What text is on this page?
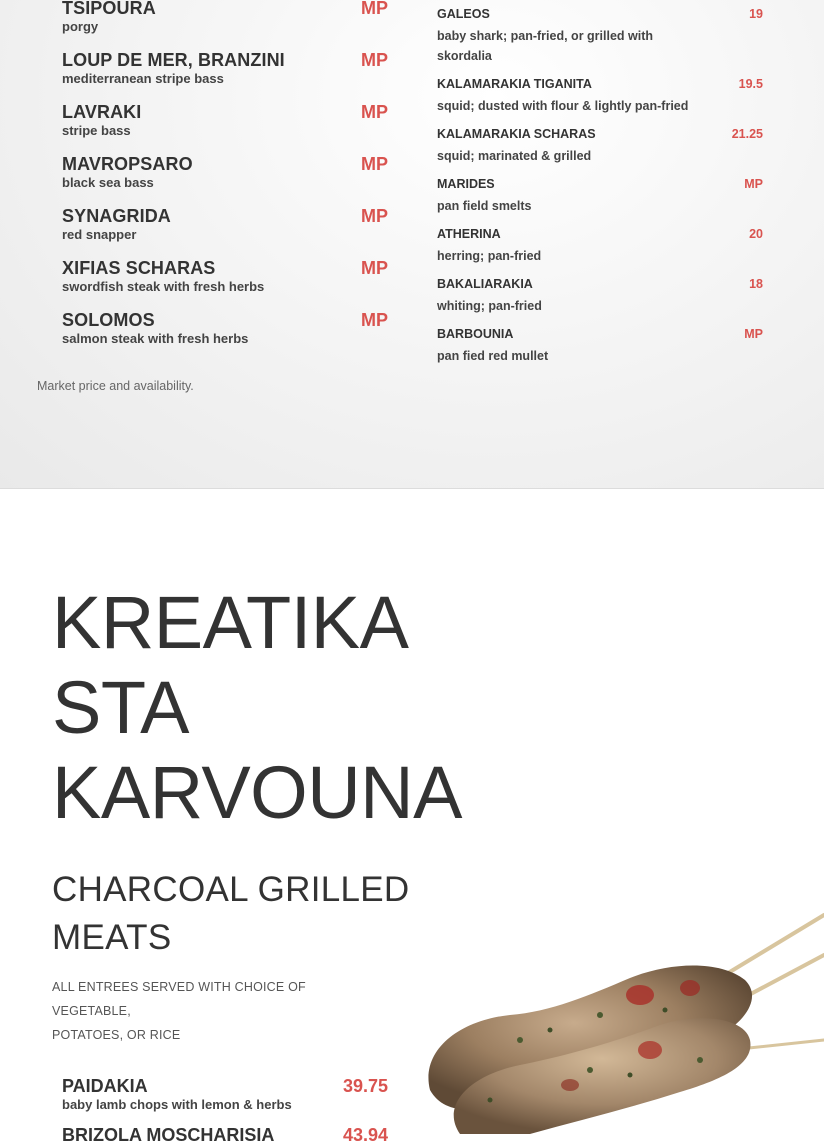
TSIPOURA	MP
porgy
LOUP DE MER, BRANZINI	MP
mediterranean stripe bass
LAVRAKI	MP
stripe bass
MAVROPSARO	MP
black sea bass
SYNAGRIDA	MP
red snapper
XIFIAS SCHARAS	MP
swordfish steak with fresh herbs
SOLOMOS	MP
salmon steak with fresh herbs
Market price and availability.
GALEOS	19
baby shark; pan-fried, or grilled with skordalia
KALAMARAKIA TIGANITA	19.5
squid; dusted with flour & lightly pan-fried
KALAMARAKIA SCHARAS	21.25
squid; marinated & grilled
MARIDES	MP
pan field smelts
ATHERINA	20
herring; pan-fried
BAKALIARAKIA	18
whiting; pan-fried
BARBOUNIA	MP
pan fied red mullet
KREATIKA
STA
KARVOUNA
CHARCOAL GRILLED
MEATS
ALL ENTREES SERVED WITH CHOICE OF VEGETABLE,
POTATOES, OR RICE
PAIDAKIA	39.75
baby lamb chops with lemon & herbs
BRIZOLA MOSCHARISIA	43.94
